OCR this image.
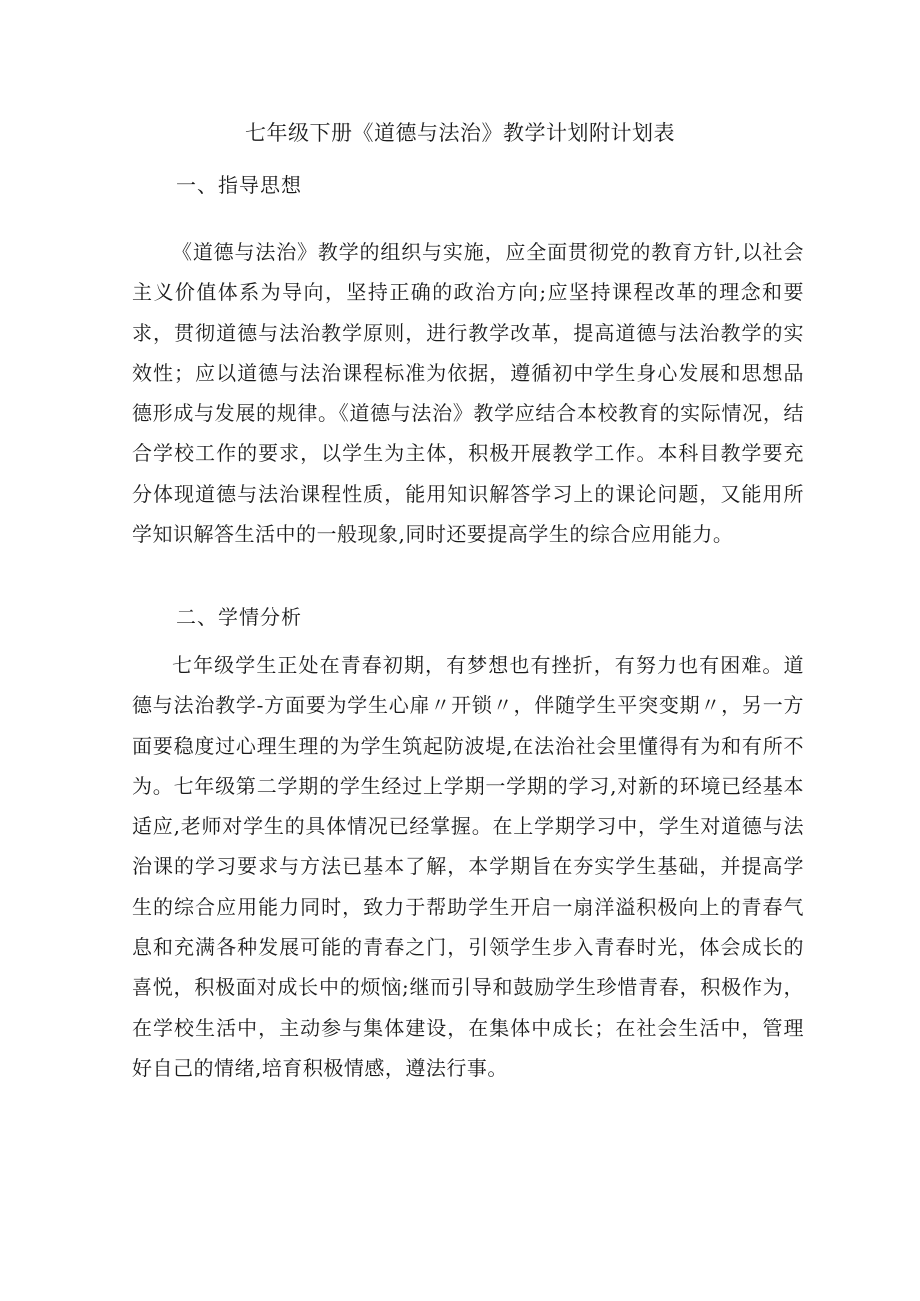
七年级下册《道德与法治》教学计划附计划表
一、指导思想

《道德与法治》教学的组织与实施，应全面贯彻党的教育方针,以社会主义价值体系为导向，坚持正确的政治方向;应坚持课程改革的理念和要求，贯彻道德与法治教学原则，进行教学改革，提高道德与法治教学的实效性；应以道德与法治课程标准为依据，遵循初中学生身心发展和思想品德形成与发展的规律。《道德与法治》教学应结合本校教育的实际情况，结合学校工作的要求，以学生为主体，积极开展教学工作。本科目教学要充分体现道德与法治课程性质，能用知识解答学习上的课论问题，又能用所学知识解答生活中的一般现象,同时还要提高学生的综合应用能力。

二、学情分析

七年级学生正处在青春初期，有梦想也有挫折，有努力也有困难。道德与法治教学-方面要为学生心扉〃开锁〃，伴随学生平突变期〃，另一方面要稳度过心理生理的为学生筑起防波堤,在法治社会里懂得有为和有所不为。七年级第二学期的学生经过上学期一学期的学习,对新的环境已经基本适应,老师对学生的具体情况已经掌握。在上学期学习中，学生对道德与法治课的学习要求与方法已基本了解，本学期旨在夯实学生基础，并提高学生的综合应用能力同时，致力于帮助学生开启一扇洋溢积极向上的青春气息和充满各种发展可能的青春之门，引领学生步入青春时光，体会成长的喜悦，积极面对成长中的烦恼;继而引导和鼓励学生珍惜青春，积极作为，在学校生活中，主动参与集体建设，在集体中成长；在社会生活中，管理好自己的情绪,培育积极情感，遵法行事。
